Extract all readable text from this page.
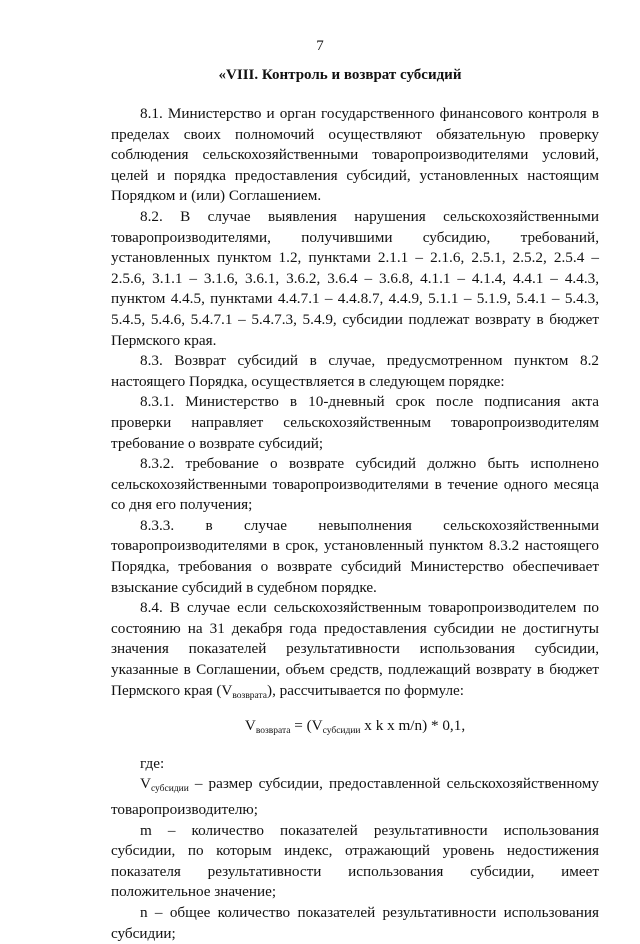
7
«VIII. Контроль и возврат субсидий

8.1. Министерство и орган государственного финансового контроля в пределах своих полномочий осуществляют обязательную проверку соблюдения сельскохозяйственными товаропроизводителями условий, целей и порядка предоставления субсидий, установленных настоящим Порядком и (или) Соглашением.

8.2. В случае выявления нарушения сельскохозяйственными товаропроизводителями, получившими субсидию, требований, установленных пунктом 1.2, пунктами 2.1.1 – 2.1.6, 2.5.1, 2.5.2, 2.5.4 – 2.5.6, 3.1.1 – 3.1.6, 3.6.1, 3.6.2, 3.6.4 – 3.6.8, 4.1.1 – 4.1.4, 4.4.1 – 4.4.3, пунктом 4.4.5, пунктами 4.4.7.1 – 4.4.8.7, 4.4.9, 5.1.1 – 5.1.9, 5.4.1 – 5.4.3, 5.4.5, 5.4.6, 5.4.7.1 – 5.4.7.3, 5.4.9, субсидии подлежат возврату в бюджет Пермского края.

8.3. Возврат субсидий в случае, предусмотренном пунктом 8.2 настоящего Порядка, осуществляется в следующем порядке:

8.3.1. Министерство в 10-дневный срок после подписания акта проверки направляет сельскохозяйственным товаропроизводителям требование о возврате субсидий;

8.3.2. требование о возврате субсидий должно быть исполнено сельскохозяйственными товаропроизводителями в течение одного месяца со дня его получения;

8.3.3. в случае невыполнения сельскохозяйственными товаропроизводителями в срок, установленный пунктом 8.3.2 настоящего Порядка, требования о возврате субсидий Министерство обеспечивает взыскание субсидий в судебном порядке.

8.4. В случае если сельскохозяйственным товаропроизводителем по состоянию на 31 декабря года предоставления субсидии не достигнуты значения показателей результативности использования субсидии, указанные в Соглашении, объем средств, подлежащий возврату в бюджет Пермского края $(V_{возврата})$, рассчитывается по формуле:

$V_{возврата} = (V_{субсидии}$ х k х m/n) * 0,1,

где:

$V_{субсидии}$ – размер субсидии, предоставленной сельскохозяйственному товаропроизводителю;

m – количество показателей результативности использования субсидии, по которым индекс, отражающий уровень недостижения показателя результативности использования субсидии, имеет положительное значение;

n – общее количество показателей результативности использования субсидии;
